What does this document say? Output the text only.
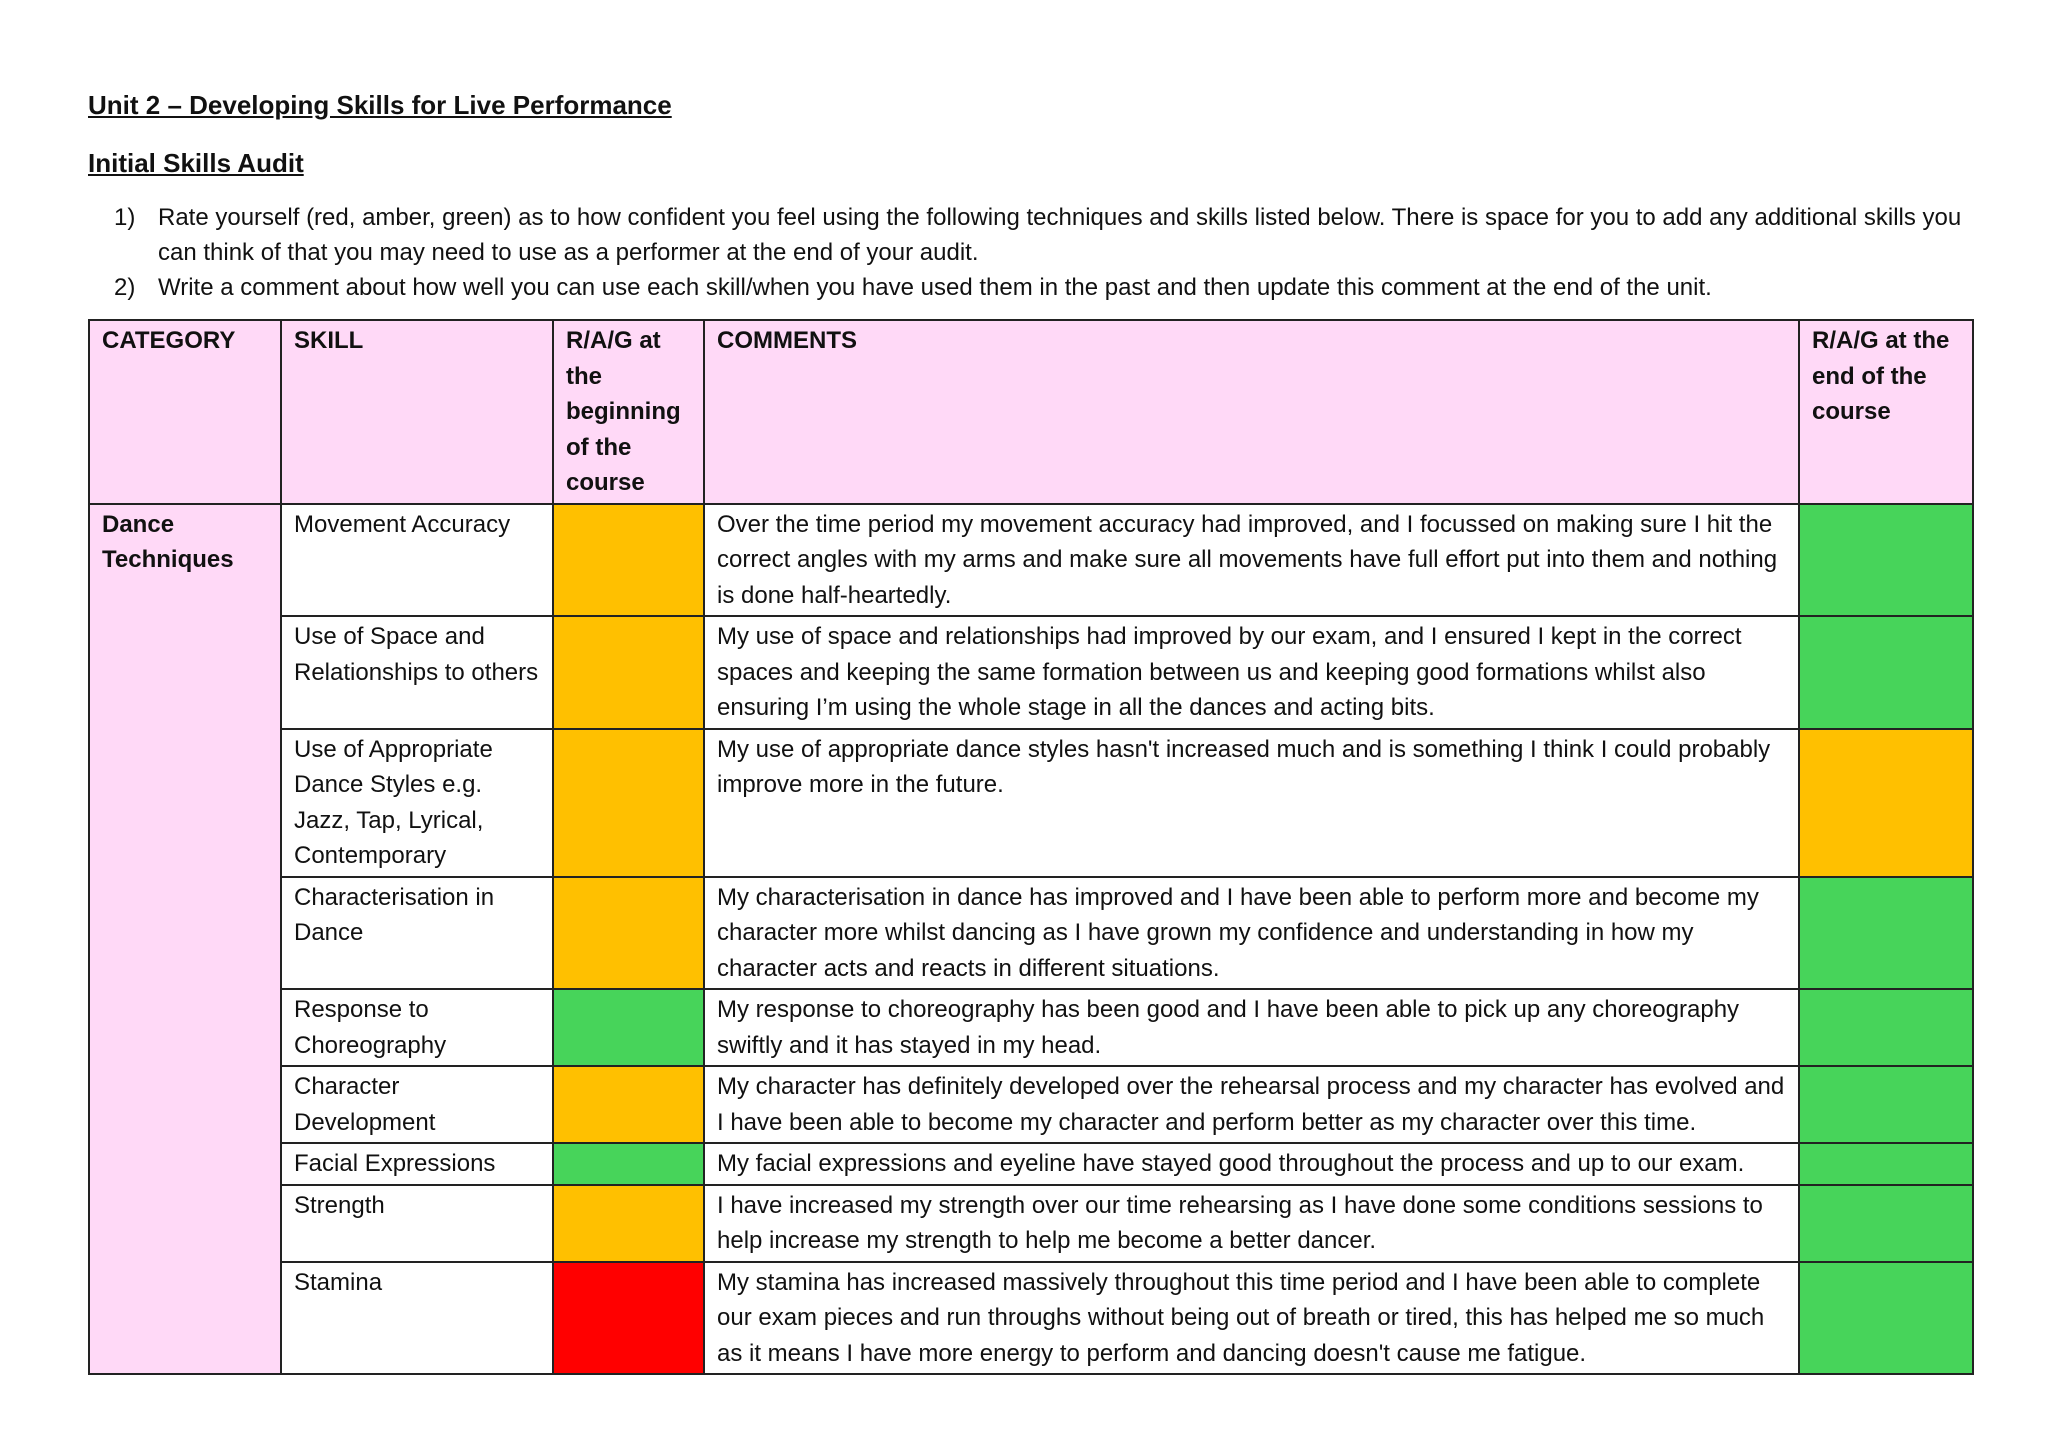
Unit 2 – Developing Skills for Live Performance

Initial Skills Audit

1) Rate yourself (red, amber, green) as to how confident you feel using the following techniques and skills listed below. There is space for you to add any additional skills you can think of that you may need to use as a performer at the end of your audit.
2) Write a comment about how well you can use each skill/when you have used them in the past and then update this comment at the end of the unit.
CATEGORY	SKILL	R/A/G at the beginning of the course	COMMENTS	R/A/G at the end of the course
Dance Techniques	Movement Accuracy		Over the time period my movement accuracy had improved, and I focussed on making sure I hit the correct angles with my arms and make sure all movements have full effort put into them and nothing is done half-heartedly.	
	Use of Space and Relationships to others		My use of space and relationships had improved by our exam, and I ensured I kept in the correct spaces and keeping the same formation between us and keeping good formations whilst also ensuring I’m using the whole stage in all the dances and acting bits.	
	Use of Appropriate Dance Styles e.g. Jazz, Tap, Lyrical, Contemporary		My use of appropriate dance styles hasn't increased much and is something I think I could probably improve more in the future.	
	Characterisation in Dance		My characterisation in dance has improved and I have been able to perform more and become my character more whilst dancing as I have grown my confidence and understanding in how my character acts and reacts in different situations.	
	Response to Choreography		My response to choreography has been good and I have been able to pick up any choreography swiftly and it has stayed in my head.	
	Character Development		My character has definitely developed over the rehearsal process and my character has evolved and I have been able to become my character and perform better as my character over this time.	
	Facial Expressions		My facial expressions and eyeline have stayed good throughout the process and up to our exam.	
	Strength		I have increased my strength over our time rehearsing as I have done some conditions sessions to help increase my strength to help me become a better dancer.	
	Stamina		My stamina has increased massively throughout this time period and I have been able to complete our exam pieces and run throughs without being out of breath or tired, this has helped me so much as it means I have more energy to perform and dancing doesn't cause me fatigue.	
